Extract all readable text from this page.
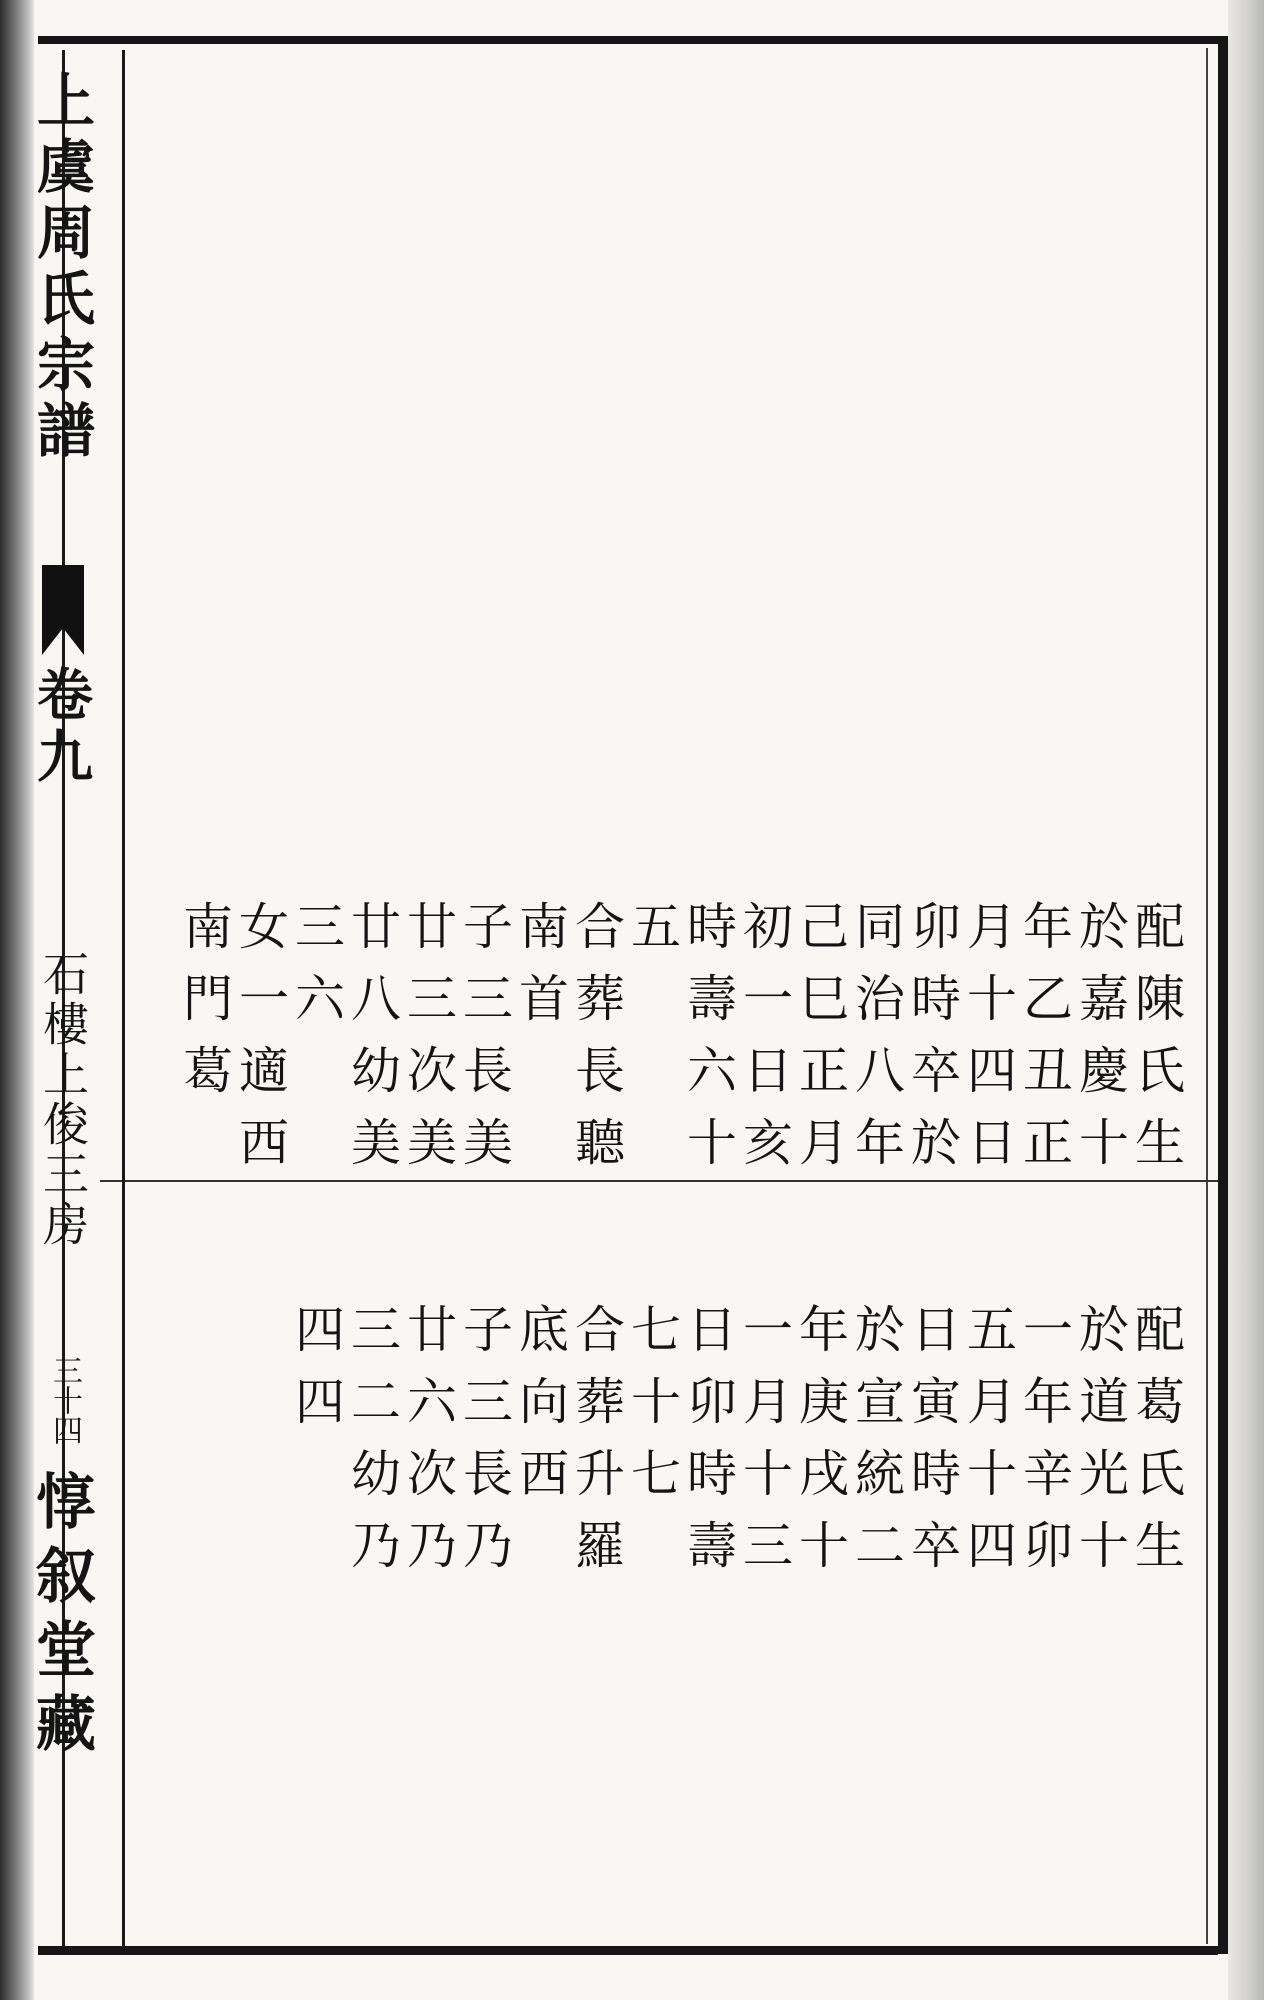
上虞周氏宗譜
卷九
石樓上俊三房
三十四
惇叙堂藏
配陳氏生
於嘉慶十
年乙丑正
月十四日
卯時卒於
同治八年
己巳正月
初一日亥
時壽六十
五
合葬長聽
南首
子三長美
廿三次美
廿八幼美
三六
女一適西
南門葛
配葛氏生
於道光十
一年辛卯
五月十四
日寅時卒
於宣統二
年庚戌十
一月十三
日卯時壽
七十七
合葬升羅
底向西
子三長乃
廿六次乃
三二幼乃
四四
